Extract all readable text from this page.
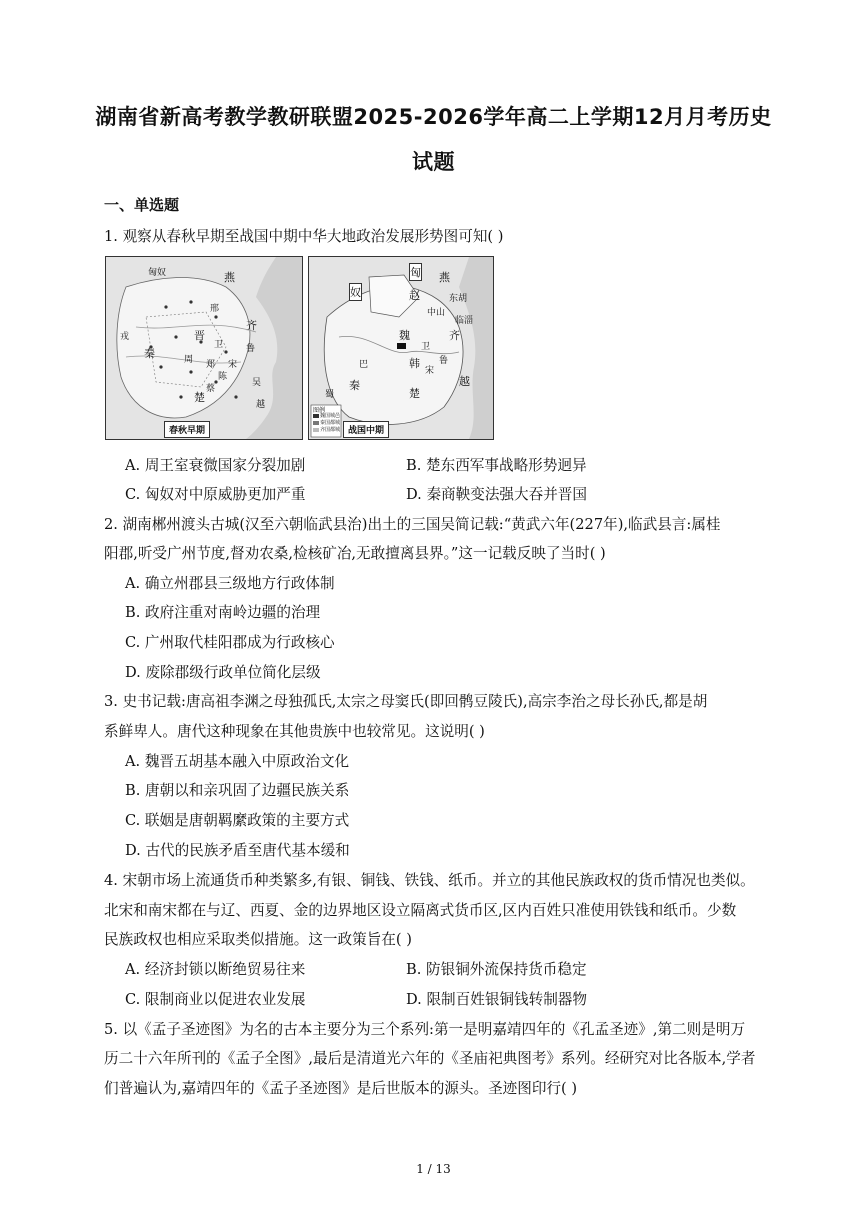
湖南省新高考教学教研联盟2025-2026学年高二上学期12月月考历史
试题
一、单选题
1. 观察从春秋早期至战国中期中华大地政治发展形势图可知( )
匈奴	燕
晋
秦
楚
齐
戎
吴
越
周	宋
郑
卫	鲁
陈
蔡
邢
春秋早期
匈
奴
燕
赵
魏
韩
齐
秦
楚
越
鲁
宋
卫
中山
东胡
临淄
蜀
巴
图例
魏国城邑
秦国都城
齐国都城 战国中期
A. 周王室衰微国家分裂加剧	B. 楚东西军事战略形势迥异
C. 匈奴对中原威胁更加严重	D. 秦商鞅变法强大吞并晋国
2. 湖南郴州渡头古城(汉至六朝临武县治)出土的三国吴简记载:“黄武六年(227年),临武县言:属桂
阳郡,听受广州节度,督劝农桑,检核矿冶,无敢擅离县界。”这一记载反映了当时( )
A. 确立州郡县三级地方行政体制
B. 政府注重对南岭边疆的治理
C. 广州取代桂阳郡成为行政核心
D. 废除郡级行政单位简化层级
3. 史书记载:唐高祖李渊之母独孤氏,太宗之母窦氏(即回鹘豆陵氏),高宗李治之母长孙氏,都是胡
系鲜卑人。唐代这种现象在其他贵族中也较常见。这说明( )
A. 魏晋五胡基本融入中原政治文化
B. 唐朝以和亲巩固了边疆民族关系
C. 联姻是唐朝羁縻政策的主要方式
D. 古代的民族矛盾至唐代基本缓和
4. 宋朝市场上流通货币种类繁多,有银、铜钱、铁钱、纸币。并立的其他民族政权的货币情况也类似。
北宋和南宋都在与辽、西夏、金的边界地区设立隔离式货币区,区内百姓只准使用铁钱和纸币。少数
民族政权也相应采取类似措施。这一政策旨在( )
A. 经济封锁以断绝贸易往来	B. 防银铜外流保持货币稳定
C. 限制商业以促进农业发展	D. 限制百姓银铜钱转制器物
5. 以《孟子圣迹图》为名的古本主要分为三个系列:第一是明嘉靖四年的《孔孟圣迹》,第二则是明万
历二十六年所刊的《孟子全图》,最后是清道光六年的《圣庙祀典图考》系列。经研究对比各版本,学者
们普遍认为,嘉靖四年的《孟子圣迹图》是后世版本的源头。圣迹图印行( )
1 / 13
